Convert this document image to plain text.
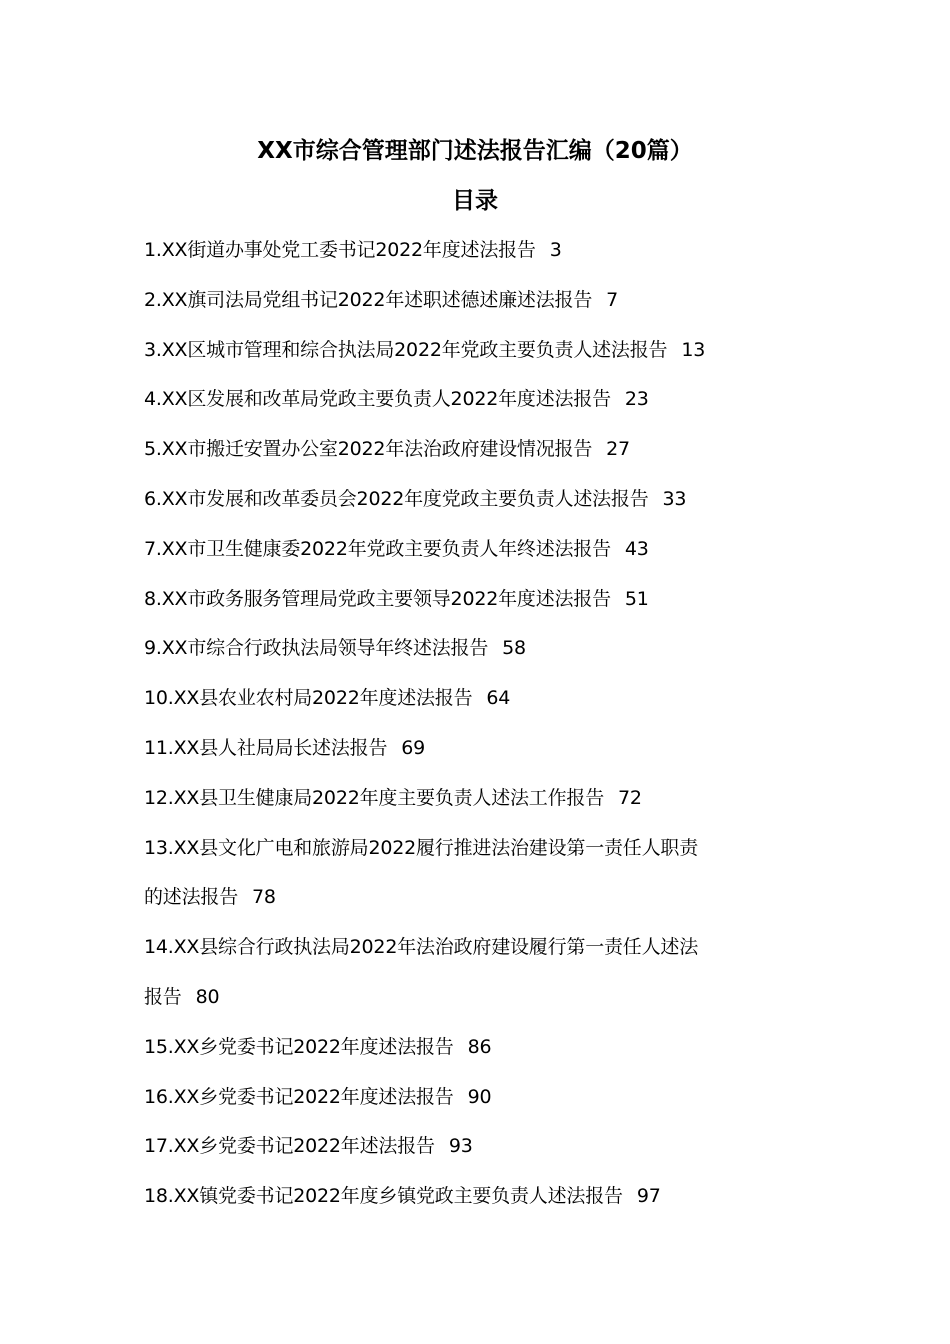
XX市综合管理部门述法报告汇编（20篇）
目录
1.XX街道办事处党工委书记2022年度述法报告 3
2.XX旗司法局党组书记2022年述职述德述廉述法报告 7
3.XX区城市管理和综合执法局2022年党政主要负责人述法报告 13
4.XX区发展和改革局党政主要负责人2022年度述法报告 23
5.XX市搬迁安置办公室2022年法治政府建设情况报告 27
6.XX市发展和改革委员会2022年度党政主要负责人述法报告 33
7.XX市卫生健康委2022年党政主要负责人年终述法报告 43
8.XX市政务服务管理局党政主要领导2022年度述法报告 51
9.XX市综合行政执法局领导年终述法报告 58
10.XX县农业农村局2022年度述法报告 64
11.XX县人社局局长述法报告 69
12.XX县卫生健康局2022年度主要负责人述法工作报告 72
13.XX县文化广电和旅游局2022履行推进法治建设第一责任人职责
的述法报告 78
14.XX县综合行政执法局2022年法治政府建设履行第一责任人述法
报告 80
15.XX乡党委书记2022年度述法报告 86
16.XX乡党委书记2022年度述法报告 90
17.XX乡党委书记2022年述法报告 93
18.XX镇党委书记2022年度乡镇党政主要负责人述法报告 97
